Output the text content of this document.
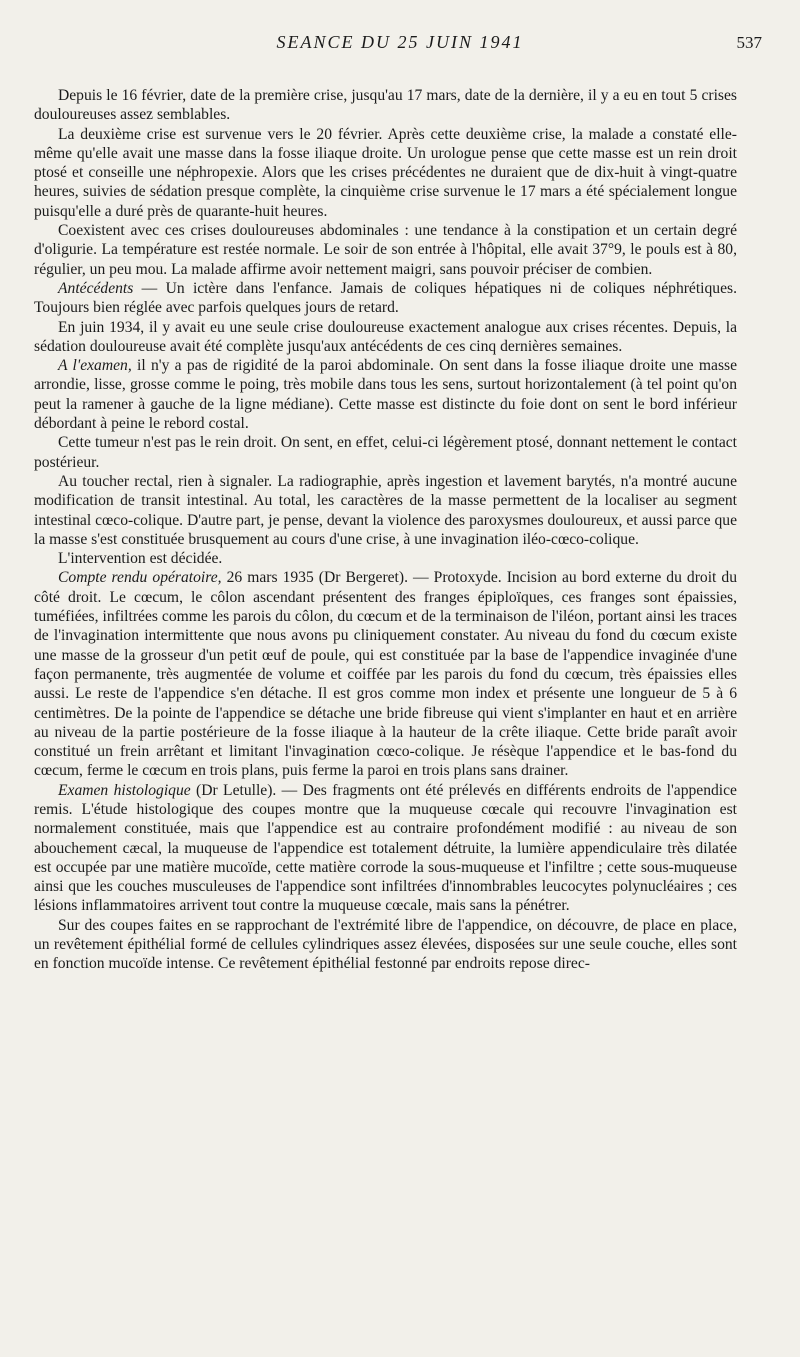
SEANCE DU 25 JUIN 1941	537

Depuis le 16 février, date de la première crise, jusqu'au 17 mars, date de la dernière, il y a eu en tout 5 crises douloureuses assez semblables.

La deuxième crise est survenue vers le 20 février. Après cette deuxième crise, la malade a constaté elle-même qu'elle avait une masse dans la fosse iliaque droite. Un urologue pense que cette masse est un rein droit ptosé et conseille une néphropexie. Alors que les crises précédentes ne duraient que de dix-huit à vingt-quatre heures, suivies de sédation presque complète, la cinquième crise survenue le 17 mars a été spécialement longue puisqu'elle a duré près de quarante-huit heures.

Coexistent avec ces crises douloureuses abdominales : une tendance à la constipation et un certain degré d'oligurie. La température est restée normale. Le soir de son entrée à l'hôpital, elle avait 37°9, le pouls est à 80, régulier, un peu mou. La malade affirme avoir nettement maigri, sans pouvoir préciser de combien.

Antécédents — Un ictère dans l'enfance. Jamais de coliques hépatiques ni de coliques néphrétiques. Toujours bien réglée avec parfois quelques jours de retard.

En juin 1934, il y avait eu une seule crise douloureuse exactement analogue aux crises récentes. Depuis, la sédation douloureuse avait été complète jusqu'aux antécédents de ces cinq dernières semaines.

A l'examen, il n'y a pas de rigidité de la paroi abdominale. On sent dans la fosse iliaque droite une masse arrondie, lisse, grosse comme le poing, très mobile dans tous les sens, surtout horizontalement (à tel point qu'on peut la ramener à gauche de la ligne médiane). Cette masse est distincte du foie dont on sent le bord inférieur débordant à peine le rebord costal.

Cette tumeur n'est pas le rein droit. On sent, en effet, celui-ci légèrement ptosé, donnant nettement le contact postérieur.

Au toucher rectal, rien à signaler. La radiographie, après ingestion et lavement barytés, n'a montré aucune modification de transit intestinal. Au total, les caractères de la masse permettent de la localiser au segment intestinal cœco-colique. D'autre part, je pense, devant la violence des paroxysmes douloureux, et aussi parce que la masse s'est constituée brusquement au cours d'une crise, à une invagination iléo-cœco-colique.

L'intervention est décidée.

Compte rendu opératoire, 26 mars 1935 (Dr Bergeret). — Protoxyde. Incision au bord externe du droit du côté droit. Le cœcum, le côlon ascendant présentent des franges épiploïques, ces franges sont épaissies, tuméfiées, infiltrées comme les parois du côlon, du cœcum et de la terminaison de l'iléon, portant ainsi les traces de l'invagination intermittente que nous avons pu cliniquement constater. Au niveau du fond du cœcum existe une masse de la grosseur d'un petit œuf de poule, qui est constituée par la base de l'appendice invaginée d'une façon permanente, très augmentée de volume et coiffée par les parois du fond du cœcum, très épaissies elles aussi. Le reste de l'appendice s'en détache. Il est gros comme mon index et présente une longueur de 5 à 6 centimètres. De la pointe de l'appendice se détache une bride fibreuse qui vient s'implanter en haut et en arrière au niveau de la partie postérieure de la fosse iliaque à la hauteur de la crête iliaque. Cette bride paraît avoir constitué un frein arrêtant et limitant l'invagination cœco-colique. Je résèque l'appendice et le bas-fond du cœcum, ferme le cœcum en trois plans, puis ferme la paroi en trois plans sans drainer.

Examen histologique (Dr Letulle). — Des fragments ont été prélevés en différents endroits de l'appendice remis. L'étude histologique des coupes montre que la muqueuse cœcale qui recouvre l'invagination est normalement constituée, mais que l'appendice est au contraire profondément modifié : au niveau de son abouchement cæcal, la muqueuse de l'appendice est totalement détruite, la lumière appendiculaire très dilatée est occupée par une matière mucoïde, cette matière corrode la sous-muqueuse et l'infiltre ; cette sous-muqueuse ainsi que les couches musculeuses de l'appendice sont infiltrées d'innombrables leucocytes polynucléaires ; ces lésions inflammatoires arrivent tout contre la muqueuse cœcale, mais sans la pénétrer.

Sur des coupes faites en se rapprochant de l'extrémité libre de l'appendice, on découvre, de place en place, un revêtement épithélial formé de cellules cylindriques assez élevées, disposées sur une seule couche, elles sont en fonction mucoïde intense. Ce revêtement épithélial festonné par endroits repose direc-
